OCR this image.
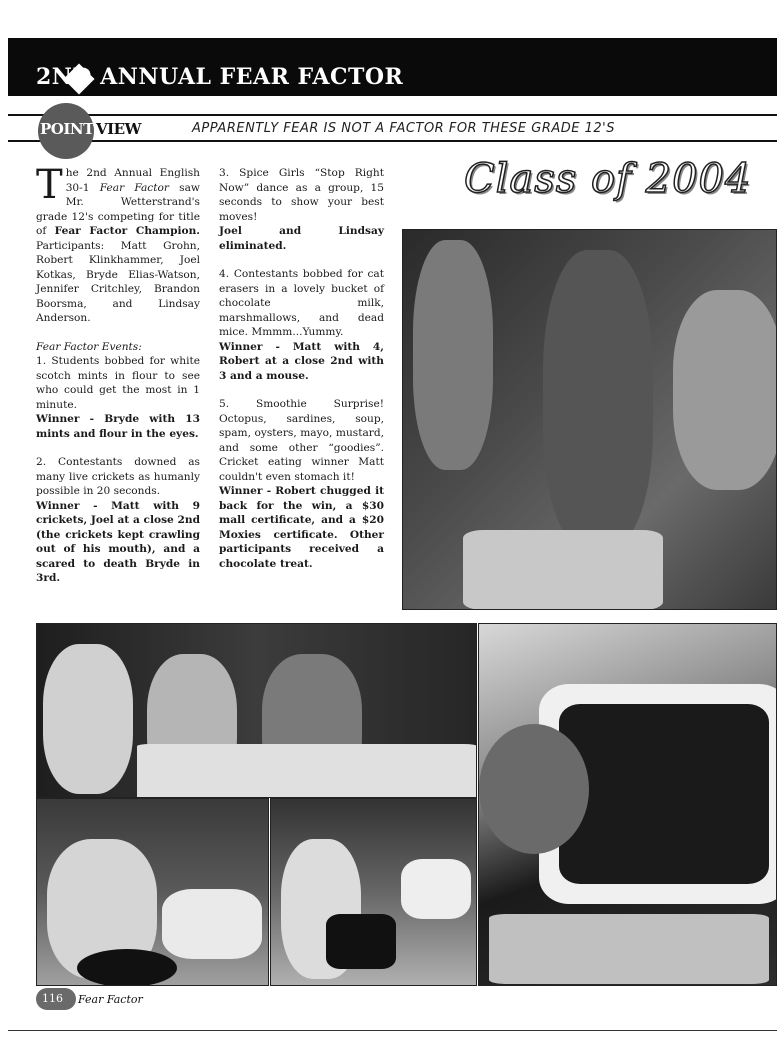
2ND ANNUAL FEAR FACTOR
POINT VIEW	APPARENTLY FEAR IS NOT A FACTOR FOR THESE GRADE 12'S

The 2nd Annual English 30-1 Fear Factor saw Mr. Wetterstrand's grade 12's competing for title of Fear Factor Champion. Participants: Matt Grohn, Robert Klinkhammer, Joel Kotkas, Bryde Elias-Watson, Jennifer Critchley, Brandon Boorsma, and Lindsay Anderson.

Fear Factor Events:

1. Students bobbed for white scotch mints in flour to see who could get the most in 1 minute.
Winner - Bryde with 13 mints and flour in the eyes.

2. Contestants downed as many live crickets as humanly possible in 20 seconds.
Winner - Matt with 9 crickets, Joel at a close 2nd (the crickets kept crawling out of his mouth), and a scared to death Bryde in 3rd.

3. Spice Girls “Stop Right Now” dance as a group, 15 seconds to show your best moves!
Joel and Lindsay eliminated.

4. Contestants bobbed for cat erasers in a lovely bucket of chocolate milk, marshmallows, and dead mice. Mmmm...Yummy.
Winner - Matt with 4, Robert at a close 2nd with 3 and a mouse.

5. Smoothie Surprise! Octopus, sardines, soup, spam, oysters, mayo, mustard, and some other “goodies”. Cricket eating winner Matt couldn't even stomach it!
Winner - Robert chugged it back for the win, a $30 mall certificate, and a $20 Moxies certificate. Other participants received a chocolate treat.

Class of 2004
116 Fear Factor
